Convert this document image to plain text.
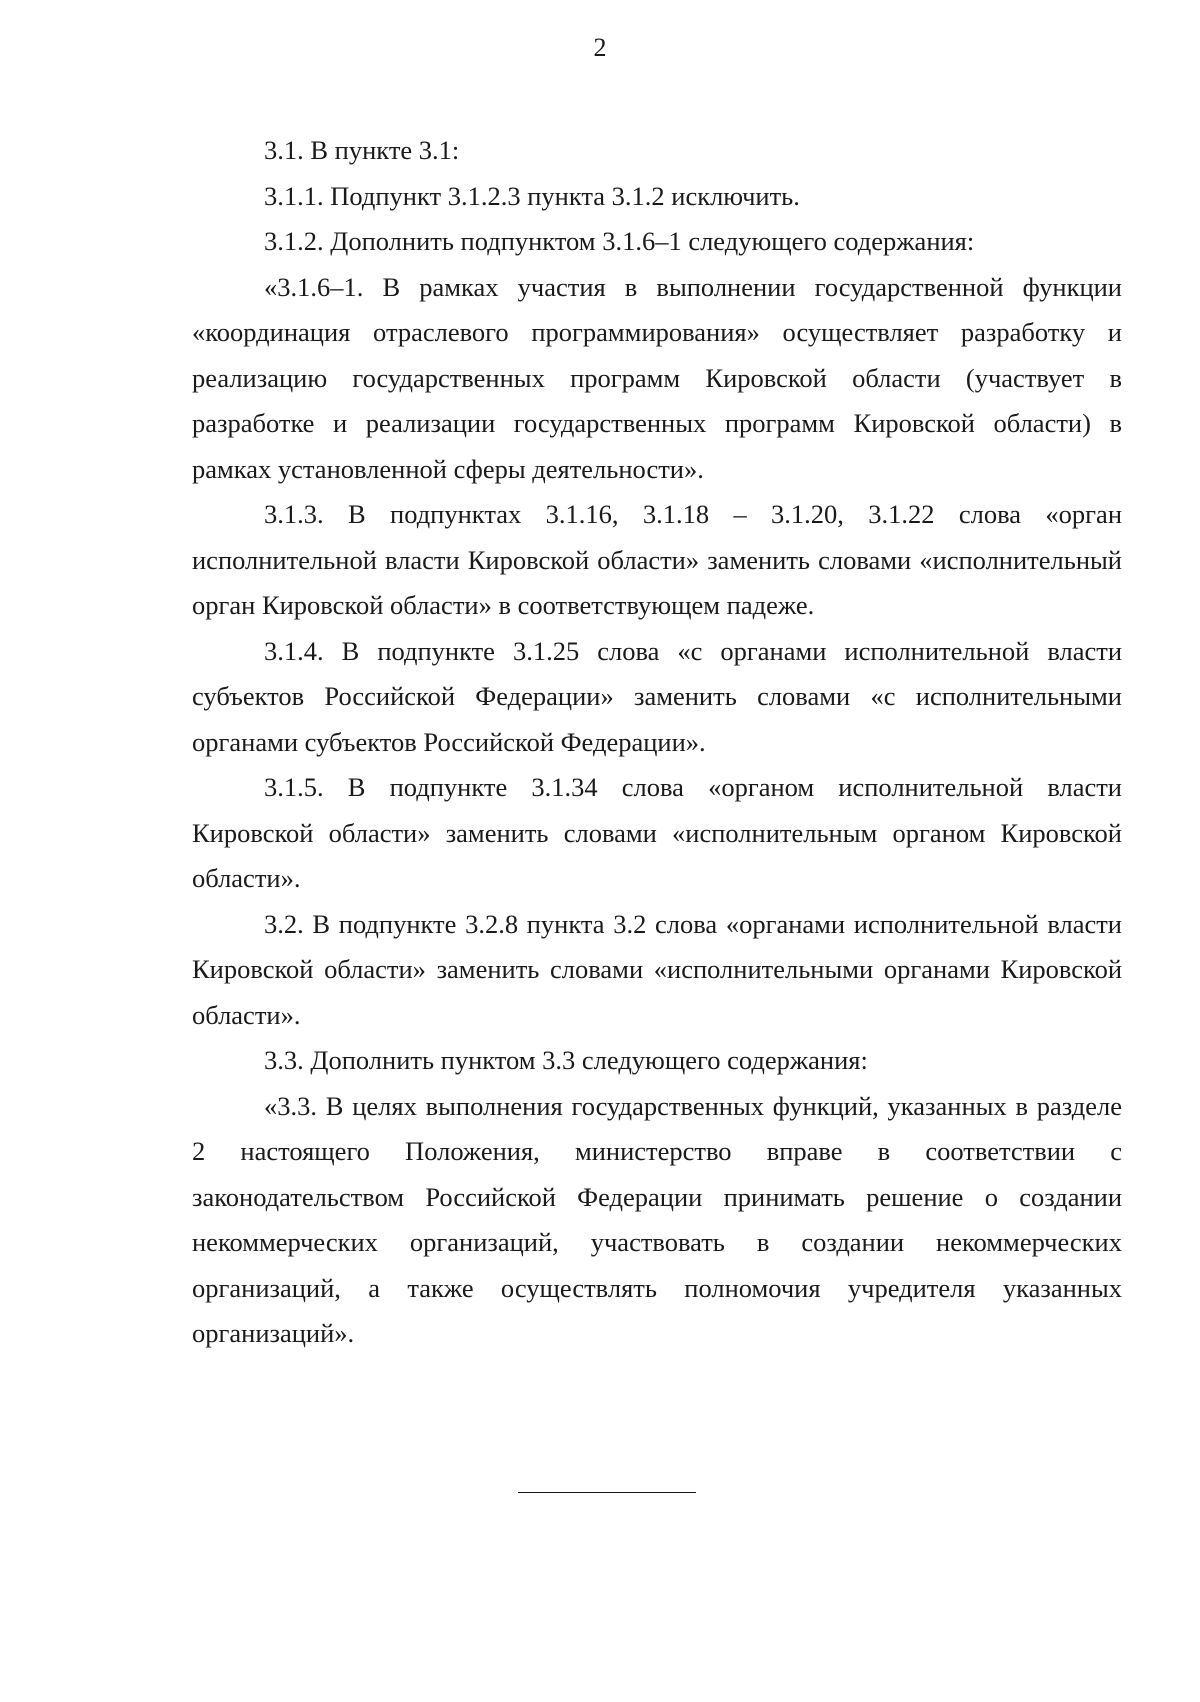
2

3.1. В пункте 3.1:

3.1.1. Подпункт 3.1.2.3 пункта 3.1.2 исключить.

3.1.2. Дополнить подпунктом 3.1.6–1 следующего содержания:

«3.1.6–1. В рамках участия в выполнении государственной функции «координация отраслевого программирования» осуществляет разработку и реализацию государственных программ Кировской области (участвует в разработке и реализации государственных программ Кировской области) в рамках установленной сферы деятельности».

3.1.3. В подпунктах 3.1.16, 3.1.18 – 3.1.20, 3.1.22 слова «орган исполнительной власти Кировской области» заменить словами «исполнительный орган Кировской области» в соответствующем падеже.

3.1.4. В подпункте 3.1.25 слова «с органами исполнительной власти субъектов Российской Федерации» заменить словами «с исполнительными органами субъектов Российской Федерации».

3.1.5. В подпункте 3.1.34 слова «органом исполнительной власти Кировской области» заменить словами «исполнительным органом Кировской области».

3.2. В подпункте 3.2.8 пункта 3.2 слова «органами исполнительной власти Кировской области» заменить словами «исполнительными органами Кировской области».

3.3. Дополнить пунктом 3.3 следующего содержания:

«3.3. В целях выполнения государственных функций, указанных в разделе 2 настоящего Положения, министерство вправе в соответствии с законодательством Российской Федерации принимать решение о создании некоммерческих организаций, участвовать в создании некоммерческих организаций, а также осуществлять полномочия учредителя указанных организаций».
